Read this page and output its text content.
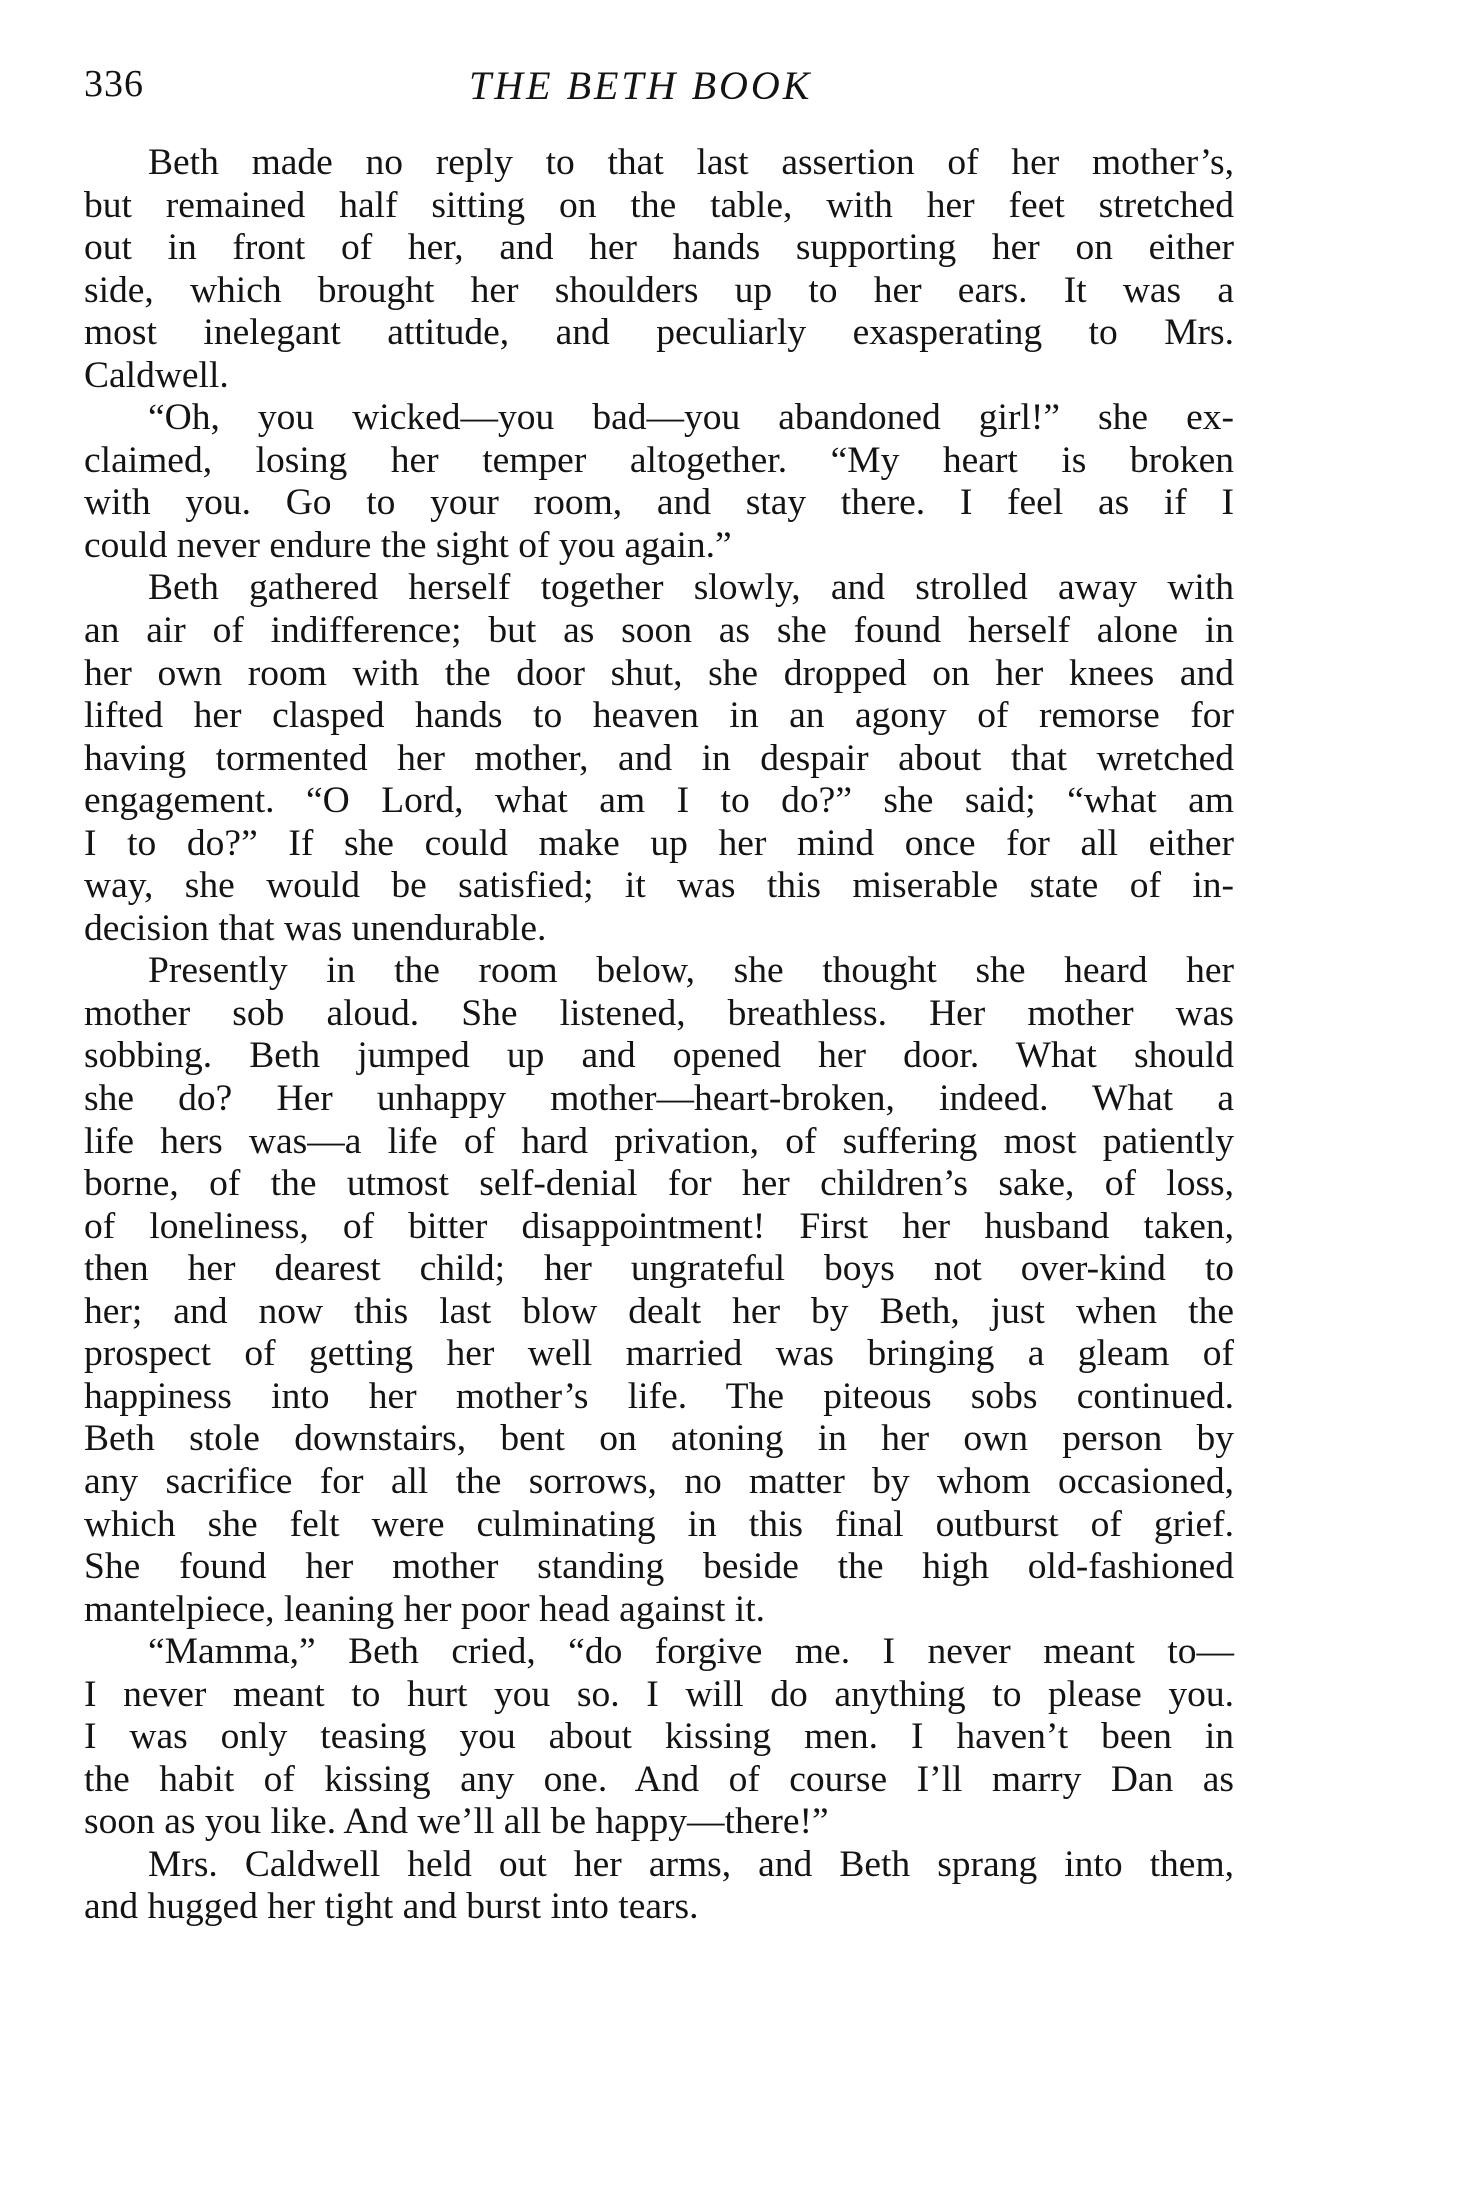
336	THE BETH BOOK
Beth made no reply to that last assertion of her mother’s,
but remained half sitting on the table, with her feet stretched
out in front of her, and her hands supporting her on either
side, which brought her shoulders up to her ears. It was a
most inelegant attitude, and peculiarly exasperating to Mrs.
Caldwell.
“Oh, you wicked—you bad—you abandoned girl!” she ex-
claimed, losing her temper altogether. “My heart is broken
with you. Go to your room, and stay there. I feel as if I
could never endure the sight of you again.”
Beth gathered herself together slowly, and strolled away with
an air of indifference; but as soon as she found herself alone in
her own room with the door shut, she dropped on her knees and
lifted her clasped hands to heaven in an agony of remorse for
having tormented her mother, and in despair about that wretched
engagement. “O Lord, what am I to do?” she said; “what am
I to do?” If she could make up her mind once for all either
way, she would be satisfied; it was this miserable state of in-
decision that was unendurable.
Presently in the room below, she thought she heard her
mother sob aloud. She listened, breathless. Her mother was
sobbing. Beth jumped up and opened her door. What should
she do? Her unhappy mother—heart-broken, indeed. What a
life hers was—a life of hard privation, of suffering most patiently
borne, of the utmost self-denial for her children’s sake, of loss,
of loneliness, of bitter disappointment! First her husband taken,
then her dearest child; her ungrateful boys not over-kind to
her; and now this last blow dealt her by Beth, just when the
prospect of getting her well married was bringing a gleam of
happiness into her mother’s life. The piteous sobs continued.
Beth stole downstairs, bent on atoning in her own person by
any sacrifice for all the sorrows, no matter by whom occasioned,
which she felt were culminating in this final outburst of grief.
She found her mother standing beside the high old-fashioned
mantelpiece, leaning her poor head against it.
“Mamma,” Beth cried, “do forgive me. I never meant to—
I never meant to hurt you so. I will do anything to please you.
I was only teasing you about kissing men. I haven’t been in
the habit of kissing any one. And of course I’ll marry Dan as
soon as you like. And we’ll all be happy—there!”
Mrs. Caldwell held out her arms, and Beth sprang into them,
and hugged her tight and burst into tears.
